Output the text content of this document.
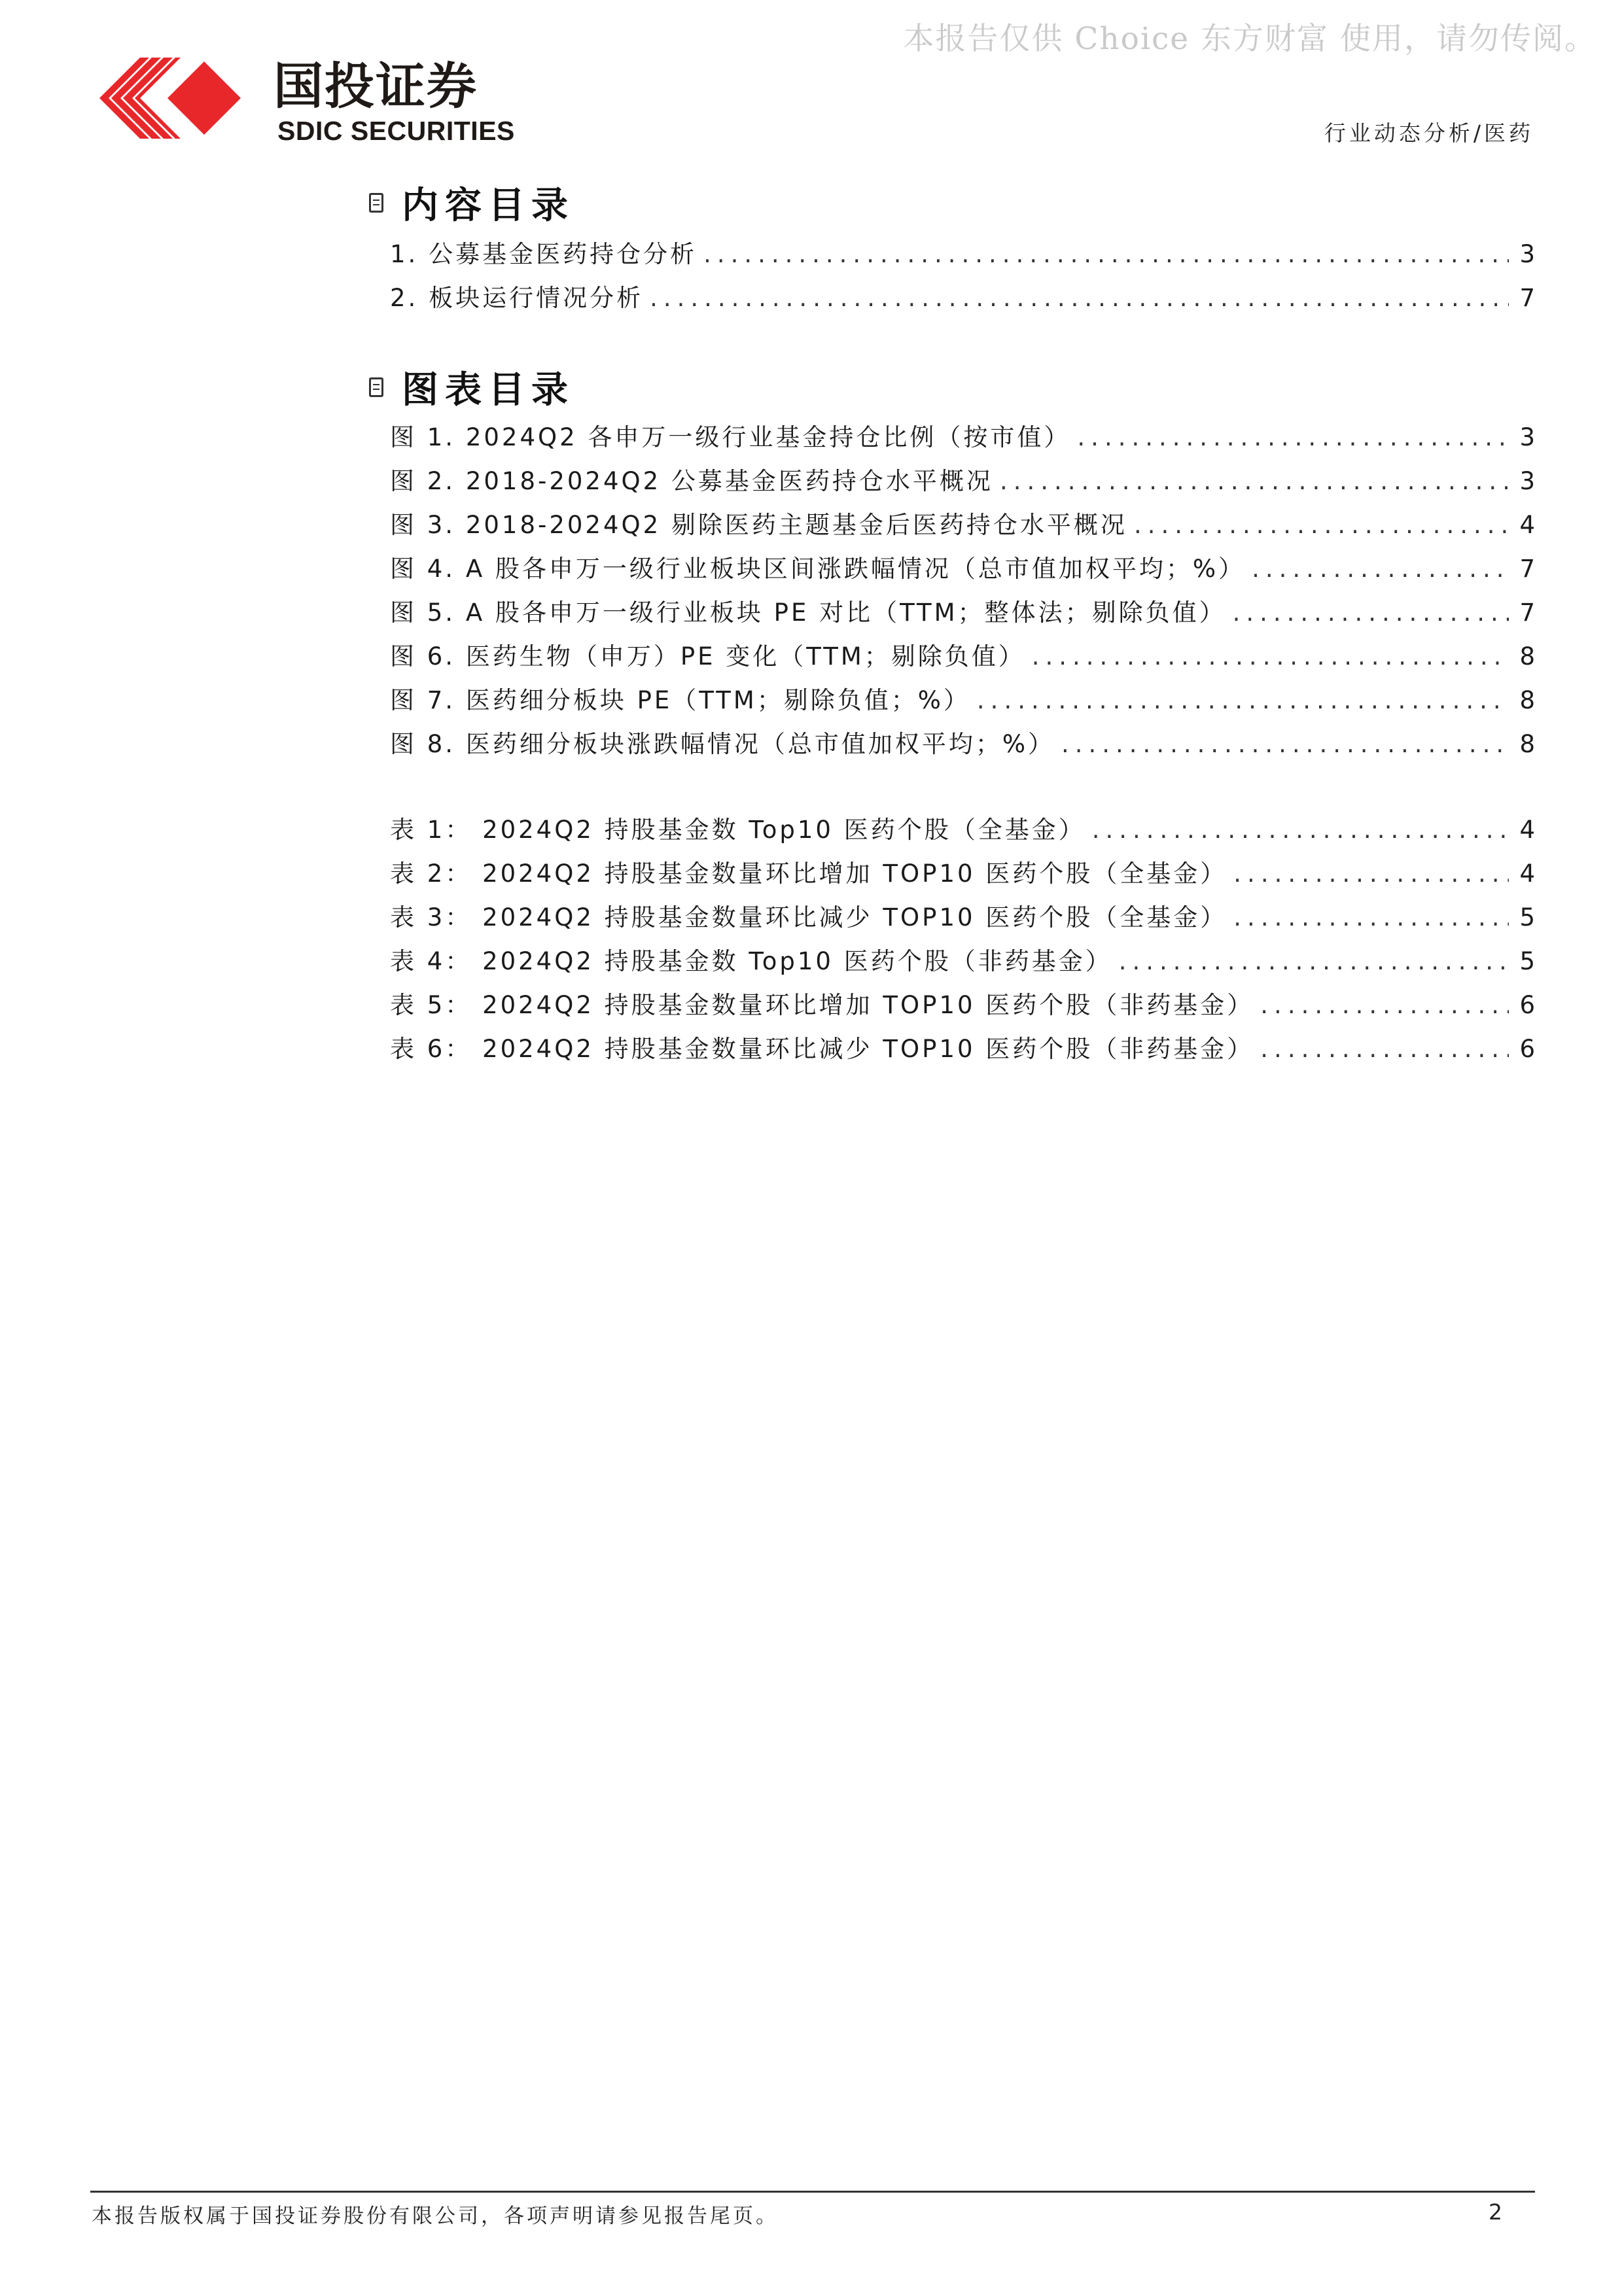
本报告仅供 Choice 东方财富 使用，请勿传阅。
国投证券
SDIC SECURITIES	行业动态分析/医药
内容目录
1. 公募基金医药持仓分析 .....	3
2. 板块运行情况分析 .....	7
图表目录
图 1. 2024Q2 各申万一级行业基金持仓比例（按市值） .....	3
图 2. 2018-2024Q2 公募基金医药持仓水平概况 .....	3
图 3. 2018-2024Q2 剔除医药主题基金后医药持仓水平概况 .....	4
图 4. A 股各申万一级行业板块区间涨跌幅情况（总市值加权平均；%） .....	7
图 5. A 股各申万一级行业板块 PE 对比（TTM；整体法；剔除负值） .....	7
图 6. 医药生物（申万）PE 变化（TTM；剔除负值） .....	8
图 7. 医药细分板块 PE（TTM；剔除负值；%） .....	8
图 8. 医药细分板块涨跌幅情况（总市值加权平均；%） .....	8
表 1： 2024Q2 持股基金数 Top10 医药个股（全基金） .....	4
表 2： 2024Q2 持股基金数量环比增加 TOP10 医药个股（全基金） .....	4
表 3： 2024Q2 持股基金数量环比减少 TOP10 医药个股（全基金） .....	5
表 4： 2024Q2 持股基金数 Top10 医药个股（非药基金） .....	5
表 5： 2024Q2 持股基金数量环比增加 TOP10 医药个股（非药基金） .....	6
表 6： 2024Q2 持股基金数量环比减少 TOP10 医药个股（非药基金） .....	6
本报告版权属于国投证券股份有限公司，各项声明请参见报告尾页。	2
